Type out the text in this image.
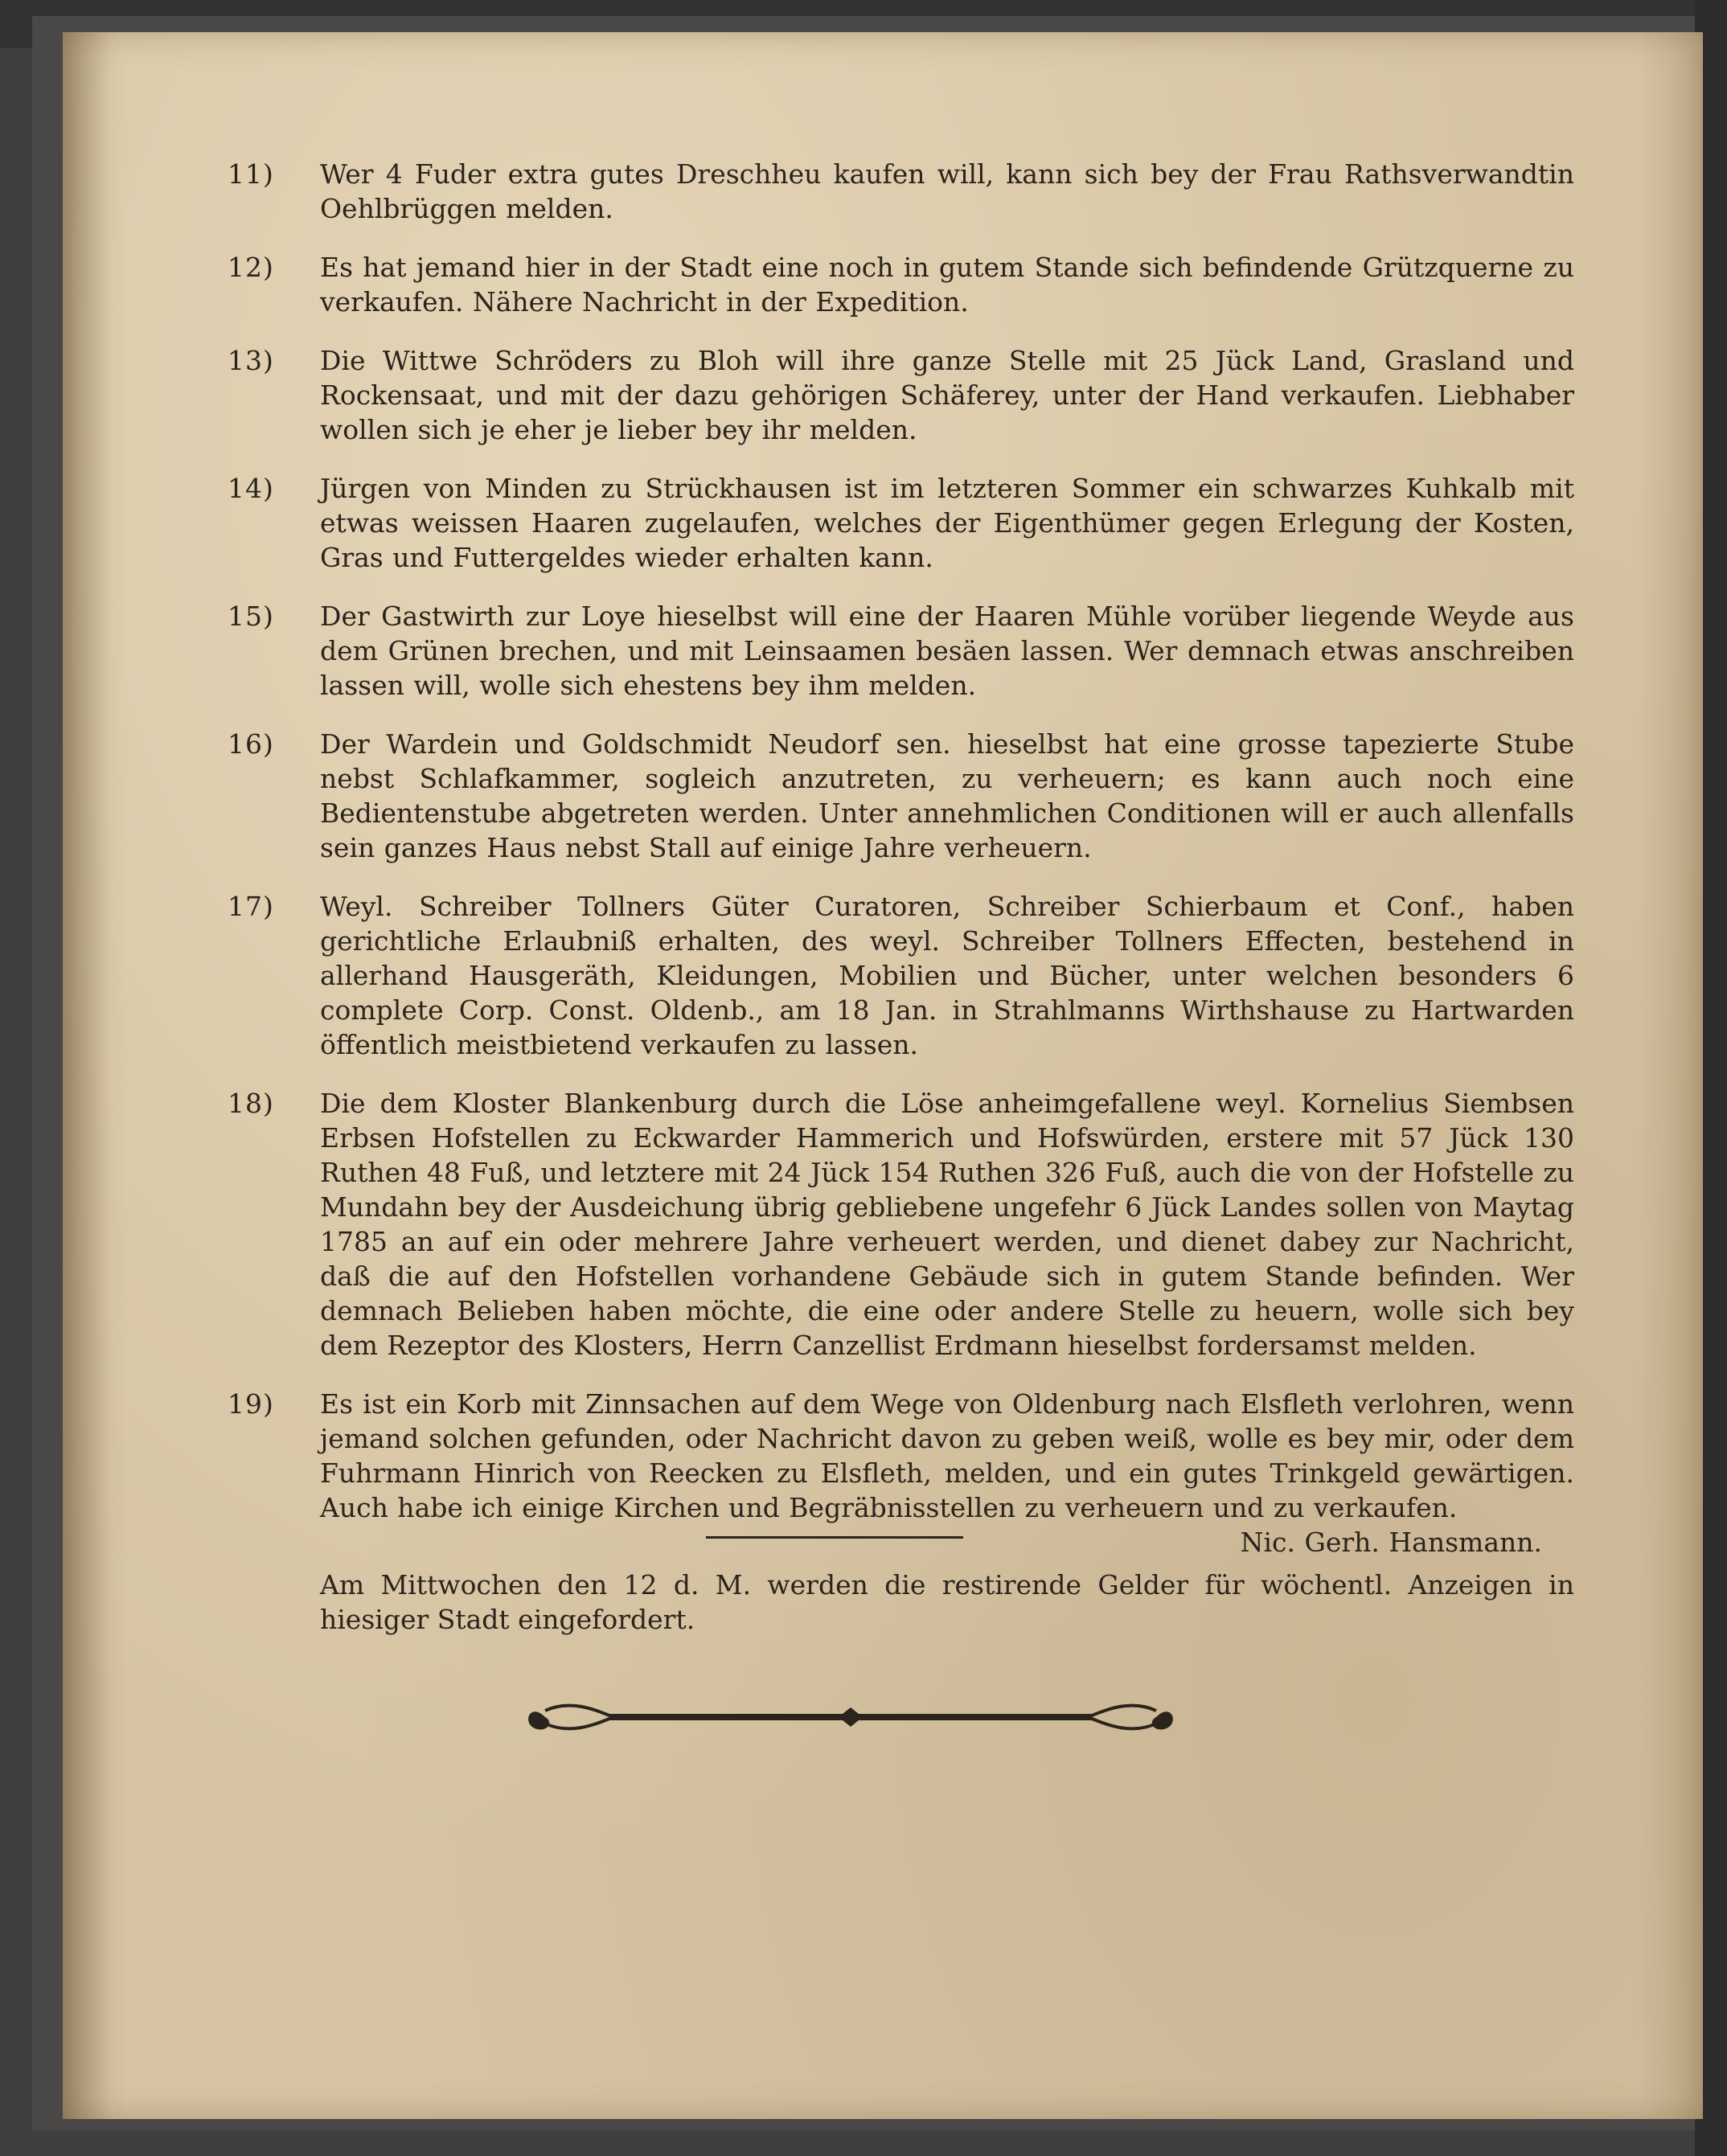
11)	Wer 4 Fuder extra gutes Dreschheu kaufen will, kann sich bey der Frau Rathsverwandtin Oehlbrüggen melden.
12)	Es hat jemand hier in der Stadt eine noch in gutem Stande sich befindende Grützquerne zu verkaufen. Nähere Nachricht in der Expedition.
13)	Die Wittwe Schröders zu Bloh will ihre ganze Stelle mit 25 Jück Land, Grasland und Rockensaat, und mit der dazu gehörigen Schäferey, unter der Hand verkaufen. Liebhaber wollen sich je eher je lieber bey ihr melden.
14)	Jürgen von Minden zu Strückhausen ist im letzteren Sommer ein schwarzes Kuhkalb mit etwas weissen Haaren zugelaufen, welches der Eigenthümer gegen Erlegung der Kosten, Gras und Futtergeldes wieder erhalten kann.
15)	Der Gastwirth zur Loye hieselbst will eine der Haaren Mühle vorüber liegende Weyde aus dem Grünen brechen, und mit Leinsaamen besäen lassen. Wer demnach etwas anschreiben lassen will, wolle sich ehestens bey ihm melden.
16)	Der Wardein und Goldschmidt Neudorf sen. hieselbst hat eine grosse tapezierte Stube nebst Schlafkammer, sogleich anzutreten, zu verheuern; es kann auch noch eine Bedientenstube abgetreten werden. Unter annehmlichen Conditionen will er auch allenfalls sein ganzes Haus nebst Stall auf einige Jahre verheuern.
17)	Weyl. Schreiber Tollners Güter Curatoren, Schreiber Schierbaum et Conf., haben gerichtliche Erlaubniß erhalten, des weyl. Schreiber Tollners Effecten, bestehend in allerhand Hausgeräth, Kleidungen, Mobilien und Bücher, unter welchen besonders 6 complete Corp. Const. Oldenb., am 18 Jan. in Strahlmanns Wirthshause zu Hartwarden öffentlich meistbietend verkaufen zu lassen.
18)	Die dem Kloster Blankenburg durch die Löse anheimgefallene weyl. Kornelius Siembsen Erbsen Hofstellen zu Eckwarder Hammerich und Hofswürden, erstere mit 57 Jück 130 Ruthen 48 Fuß, und letztere mit 24 Jück 154 Ruthen 326 Fuß, auch die von der Hofstelle zu Mundahn bey der Ausdeichung übrig gebliebene ungefehr 6 Jück Landes sollen von Maytag 1785 an auf ein oder mehrere Jahre verheuert werden, und dienet dabey zur Nachricht, daß die auf den Hofstellen vorhandene Gebäude sich in gutem Stande befinden. Wer demnach Belieben haben möchte, die eine oder andere Stelle zu heuern, wolle sich bey dem Rezeptor des Klosters, Herrn Canzellist Erdmann hieselbst fordersamst melden.
19)	Es ist ein Korb mit Zinnsachen auf dem Wege von Oldenburg nach Elsfleth verlohren, wenn jemand solchen gefunden, oder Nachricht davon zu geben weiß, wolle es bey mir, oder dem Fuhrmann Hinrich von Reecken zu Elsfleth, melden, und ein gutes Trinkgeld gewärtigen. Auch habe ich einige Kirchen und Begräbnisstellen zu verheuern und zu verkaufen.
Nic. Gerh. Hansmann.
Am Mittwochen den 12 d. M. werden die restirende Gelder für wöchentl. Anzeigen in hiesiger Stadt eingefordert.
